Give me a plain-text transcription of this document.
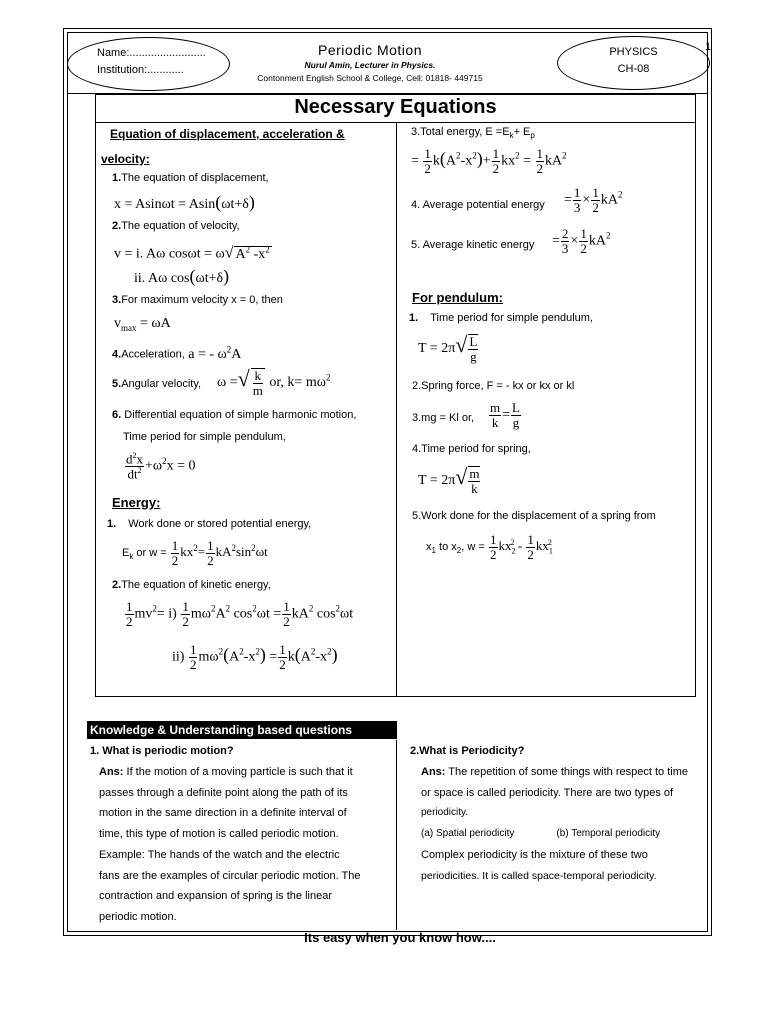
1
Name:.........................
Institution:............
Periodic Motion
Nurul Amin, Lecturer in Physics.
Contonment English School & College, Cell: 01818- 449715
PHYSICS
CH-08
Necessary Equations
Equation of displacement, acceleration &
velocity:
1.The equation of displacement,
x = Asinωt = Asin(ωt+δ)
2.The equation of velocity,
v = i. Aω cosωt = ω√ $A^2$ $-x^2$
ii. Aω cos(ωt+δ)
3.For maximum velocity x = 0, then
$v_{max} = \omega A$
4.Acceleration, a = - $\omega^2A$
5.Angular velocity, ω =√ $\frac{k}{m}$ or, $k= m\omega^2$
6. Differential equation of simple harmonic motion,
Time period for simple pendulum,
$\frac{d^2x}{dt^2} +\omega^2x = 0$
Energy:
1. Work done or stored potential energy,
$E_k$ or $w = \frac{1}{2} kx^2= \frac{1}{2} kA^2\sin^2\omega t$
2.The equation of kinetic energy,
$\frac{1}{2} mv^2= i) \frac{1}{2} m\omega^2A^2$ $\cos^2\omega t = \frac{1}{2} kA^2$ $\cos^2\omega t$
$ii) \frac{1}{2} m\omega^2(A^2-x^2) = \frac{1}{2} k(A^2-x^2)$
3.Total energy, $E =E_k+ E_p$
= $\frac{1}{2} k(A^2-x^2)+ \frac{1}{2} kx^2 = \frac{1}{2} kA^2$
4. Average potential energy = $\frac{1}{3} \times \frac{1}{2} kA^2$
5. Average kinetic energy = $\frac{2}{3} \times \frac{1}{2} kA^2$
For pendulum:
1. Time period for simple pendulum,
$T = 2\pi√ \frac{L}{g}$
2.Spring force, F = - kx or kx or kl
3.mg = Kl or, $\frac{m}{k} = \frac{L}{g}$
4.Time period for spring,
$T = 2\pi√ \frac{m}{k}$
5.Work done for the displacement of a spring from
$x_1$ to $x_2$, $w = \frac{1}{2} kx_2^2 - \frac{1}{2} kx_1^2$
Knowledge & Understanding based questions
1. What is periodic motion?
Ans: If the motion of a moving particle is such that it
passes through a definite point along the path of its
motion in the same direction in a definite interval of
time, this type of motion is called periodic motion.
Example: The hands of the watch and the electric
fans are the examples of circular periodic motion. The
contraction and expansion of spring is the linear
periodic motion.
2.What is Periodicity?
Ans: The repetition of some things with respect to time
or space is called periodicity. There are two types of
periodicity.
(a) Spatial periodicity	(b) Temporal periodicity
Complex periodicity is the mixture of these two
periodicities. It is called space-temporal periodicity.
Its easy when you know how....
